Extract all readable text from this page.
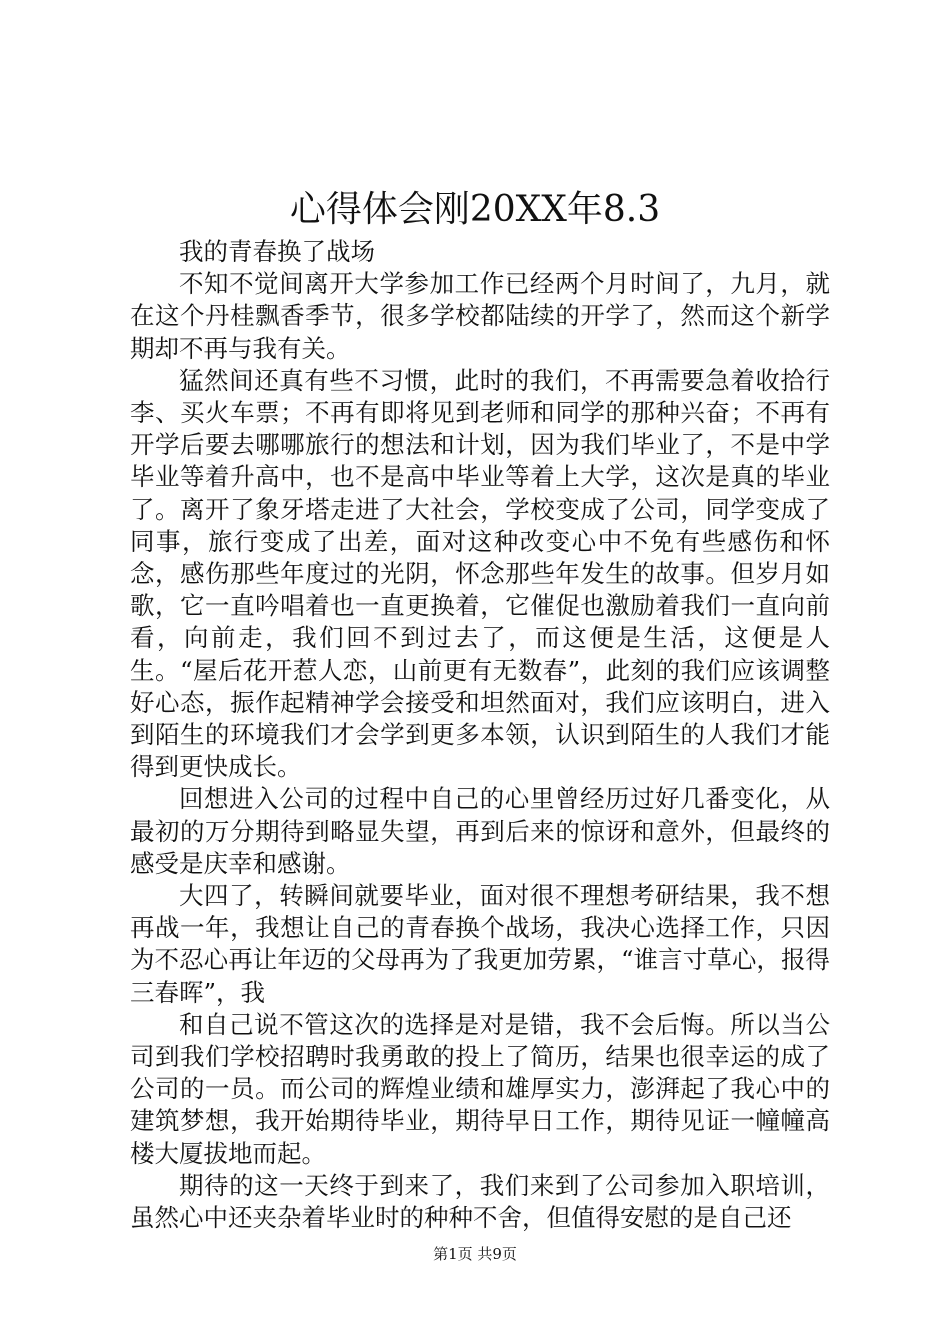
心得体会刚20XX年8.3

我的青春换了战场

不知不觉间离开大学参加工作已经两个月时间了，九月，就在这个丹桂飘香季节，很多学校都陆续的开学了，然而这个新学期却不再与我有关。

猛然间还真有些不习惯，此时的我们，不再需要急着收拾行李、买火车票；不再有即将见到老师和同学的那种兴奋；不再有开学后要去哪哪旅行的想法和计划，因为我们毕业了，不是中学毕业等着升高中，也不是高中毕业等着上大学，这次是真的毕业了。离开了象牙塔走进了大社会，学校变成了公司，同学变成了同事，旅行变成了出差，面对这种改变心中不免有些感伤和怀念，感伤那些年度过的光阴，怀念那些年发生的故事。但岁月如歌，它一直吟唱着也一直更换着，它催促也激励着我们一直向前看，向前走，我们回不到过去了，而这便是生活，这便是人生。“屋后花开惹人恋，山前更有无数春”，此刻的我们应该调整好心态，振作起精神学会接受和坦然面对，我们应该明白，进入到陌生的环境我们才会学到更多本领，认识到陌生的人我们才能得到更快成长。

回想进入公司的过程中自己的心里曾经历过好几番变化，从最初的万分期待到略显失望，再到后来的惊讶和意外，但最终的感受是庆幸和感谢。

大四了，转瞬间就要毕业，面对很不理想考研结果，我不想再战一年，我想让自己的青春换个战场，我决心选择工作，只因为不忍心再让年迈的父母再为了我更加劳累，“谁言寸草心，报得三春晖”，我

和自己说不管这次的选择是对是错，我不会后悔。所以当公司到我们学校招聘时我勇敢的投上了简历，结果也很幸运的成了公司的一员。而公司的辉煌业绩和雄厚实力，澎湃起了我心中的建筑梦想，我开始期待毕业，期待早日工作，期待见证一幢幢高楼大厦拔地而起。

期待的这一天终于到来了，我们来到了公司参加入职培训，虽然心中还夹杂着毕业时的种种不舍，但值得安慰的是自己还

第1页 共9页
